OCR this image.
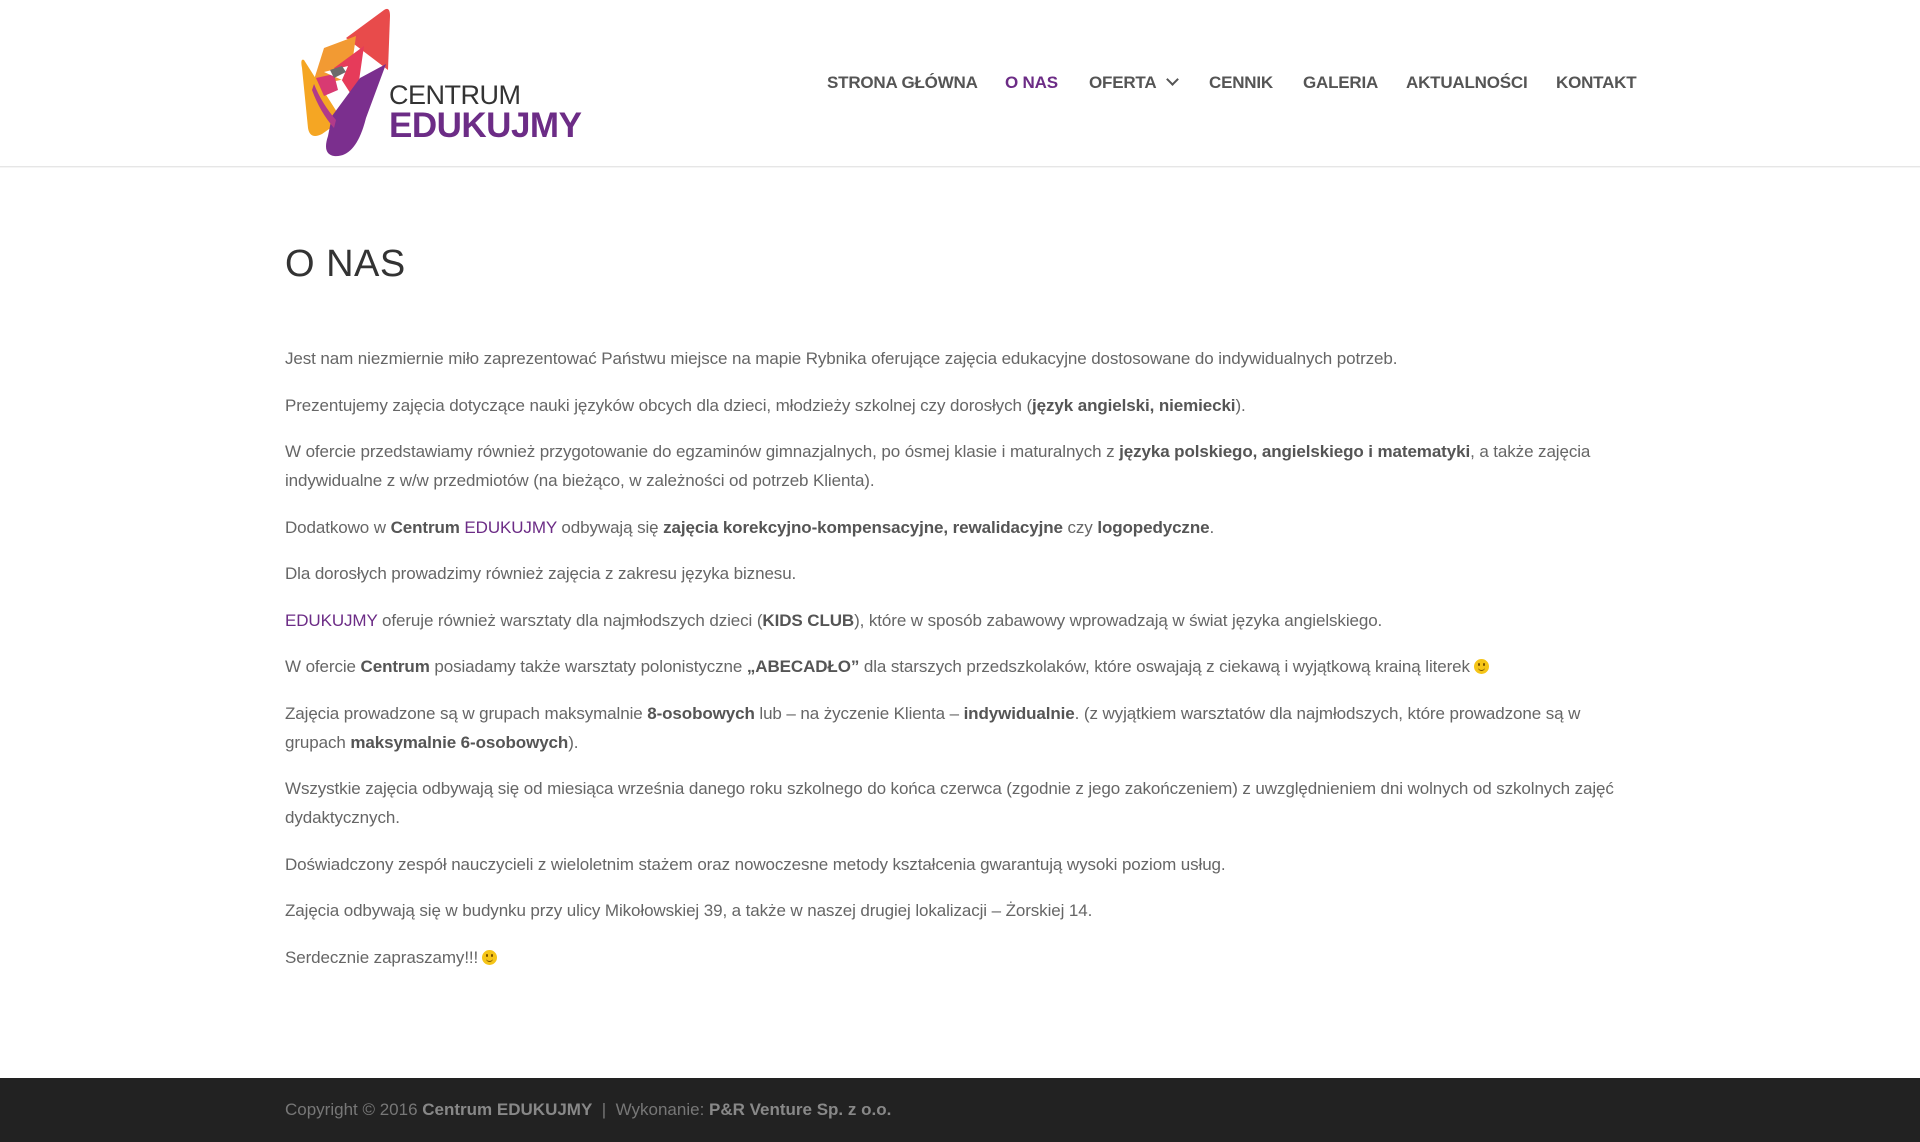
CENTRUM
EDUKUJMY
STRONA GŁÓWNA O NAS OFERTA	CENNIK GALERIA AKTUALNOŚCI KONTAKT
O NAS

Jest nam niezmiernie miło zaprezentować Państwu miejsce na mapie Rybnika oferujące zajęcia edukacyjne dostosowane do indywidualnych potrzeb.

Prezentujemy zajęcia dotyczące nauki języków obcych dla dzieci, młodzieży szkolnej czy dorosłych (język angielski, niemiecki).

W ofercie przedstawiamy również przygotowanie do egzaminów gimnazjalnych, po ósmej klasie i maturalnych z języka polskiego, angielskiego i matematyki, a także zajęcia indywidualne z w/w przedmiotów (na bieżąco, w zależności od potrzeb Klienta).

Dodatkowo w Centrum EDUKUJMY odbywają się zajęcia korekcyjno-kompensacyjne, rewalidacyjne czy logopedyczne.

Dla dorosłych prowadzimy również zajęcia z zakresu języka biznesu.

EDUKUJMY oferuje również warsztaty dla najmłodszych dzieci (KIDS CLUB), które w sposób zabawowy wprowadzają w świat języka angielskiego.

W ofercie Centrum posiadamy także warsztaty polonistyczne „ABECADŁO” dla starszych przedszkolaków, które oswajają z ciekawą i wyjątkową krainą literek

Zajęcia prowadzone są w grupach maksymalnie 8-osobowych lub – na życzenie Klienta – indywidualnie. (z wyjątkiem warsztatów dla najmłodszych, które prowadzone są w grupach maksymalnie 6-osobowych).

Wszystkie zajęcia odbywają się od miesiąca września danego roku szkolnego do końca czerwca (zgodnie z jego zakończeniem) z uwzględnieniem dni wolnych od szkolnych zajęć dydaktycznych.

Doświadczony zespół nauczycieli z wieloletnim stażem oraz nowoczesne metody kształcenia gwarantują wysoki poziom usług.

Zajęcia odbywają się w budynku przy ulicy Mikołowskiej 39, a także w naszej drugiej lokalizacji – Żorskiej 14.

Serdecznie zapraszamy!!!

Copyright © 2016 Centrum EDUKUJMY  |  Wykonanie: P&R Venture Sp. z o.o.
